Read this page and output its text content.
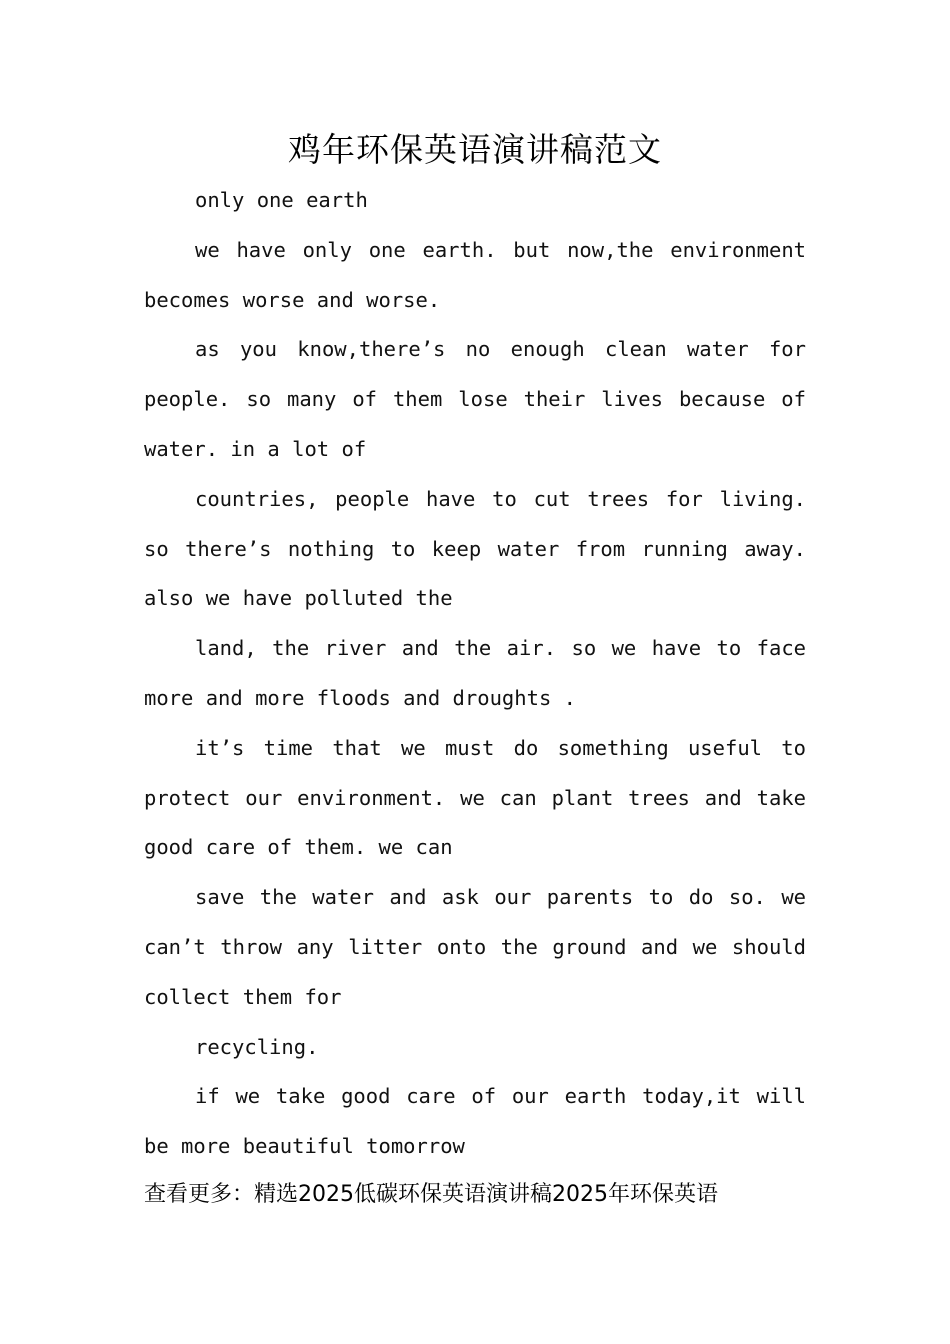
鸡年环保英语演讲稿范文

only one earth

we have only one earth. but now,the environment becomes worse and worse.

as you know,there’s no enough clean water for people. so many of them lose their lives because of water. in a lot of

countries, people have to cut trees for living. so there’s nothing to keep water from running away. also we have polluted the

land, the river and the air. so we have to face more and more floods and droughts .

it’s time that we must do something useful to protect our environment. we can plant trees and take good care of them. we can

save the water and ask our parents to do so. we can’t throw any litter onto the ground and we should collect them for

recycling.

if we take good care of our earth today,it will be more beautiful tomorrow

查看更多：精选2025低碳环保英语演讲稿2025年环保英语
